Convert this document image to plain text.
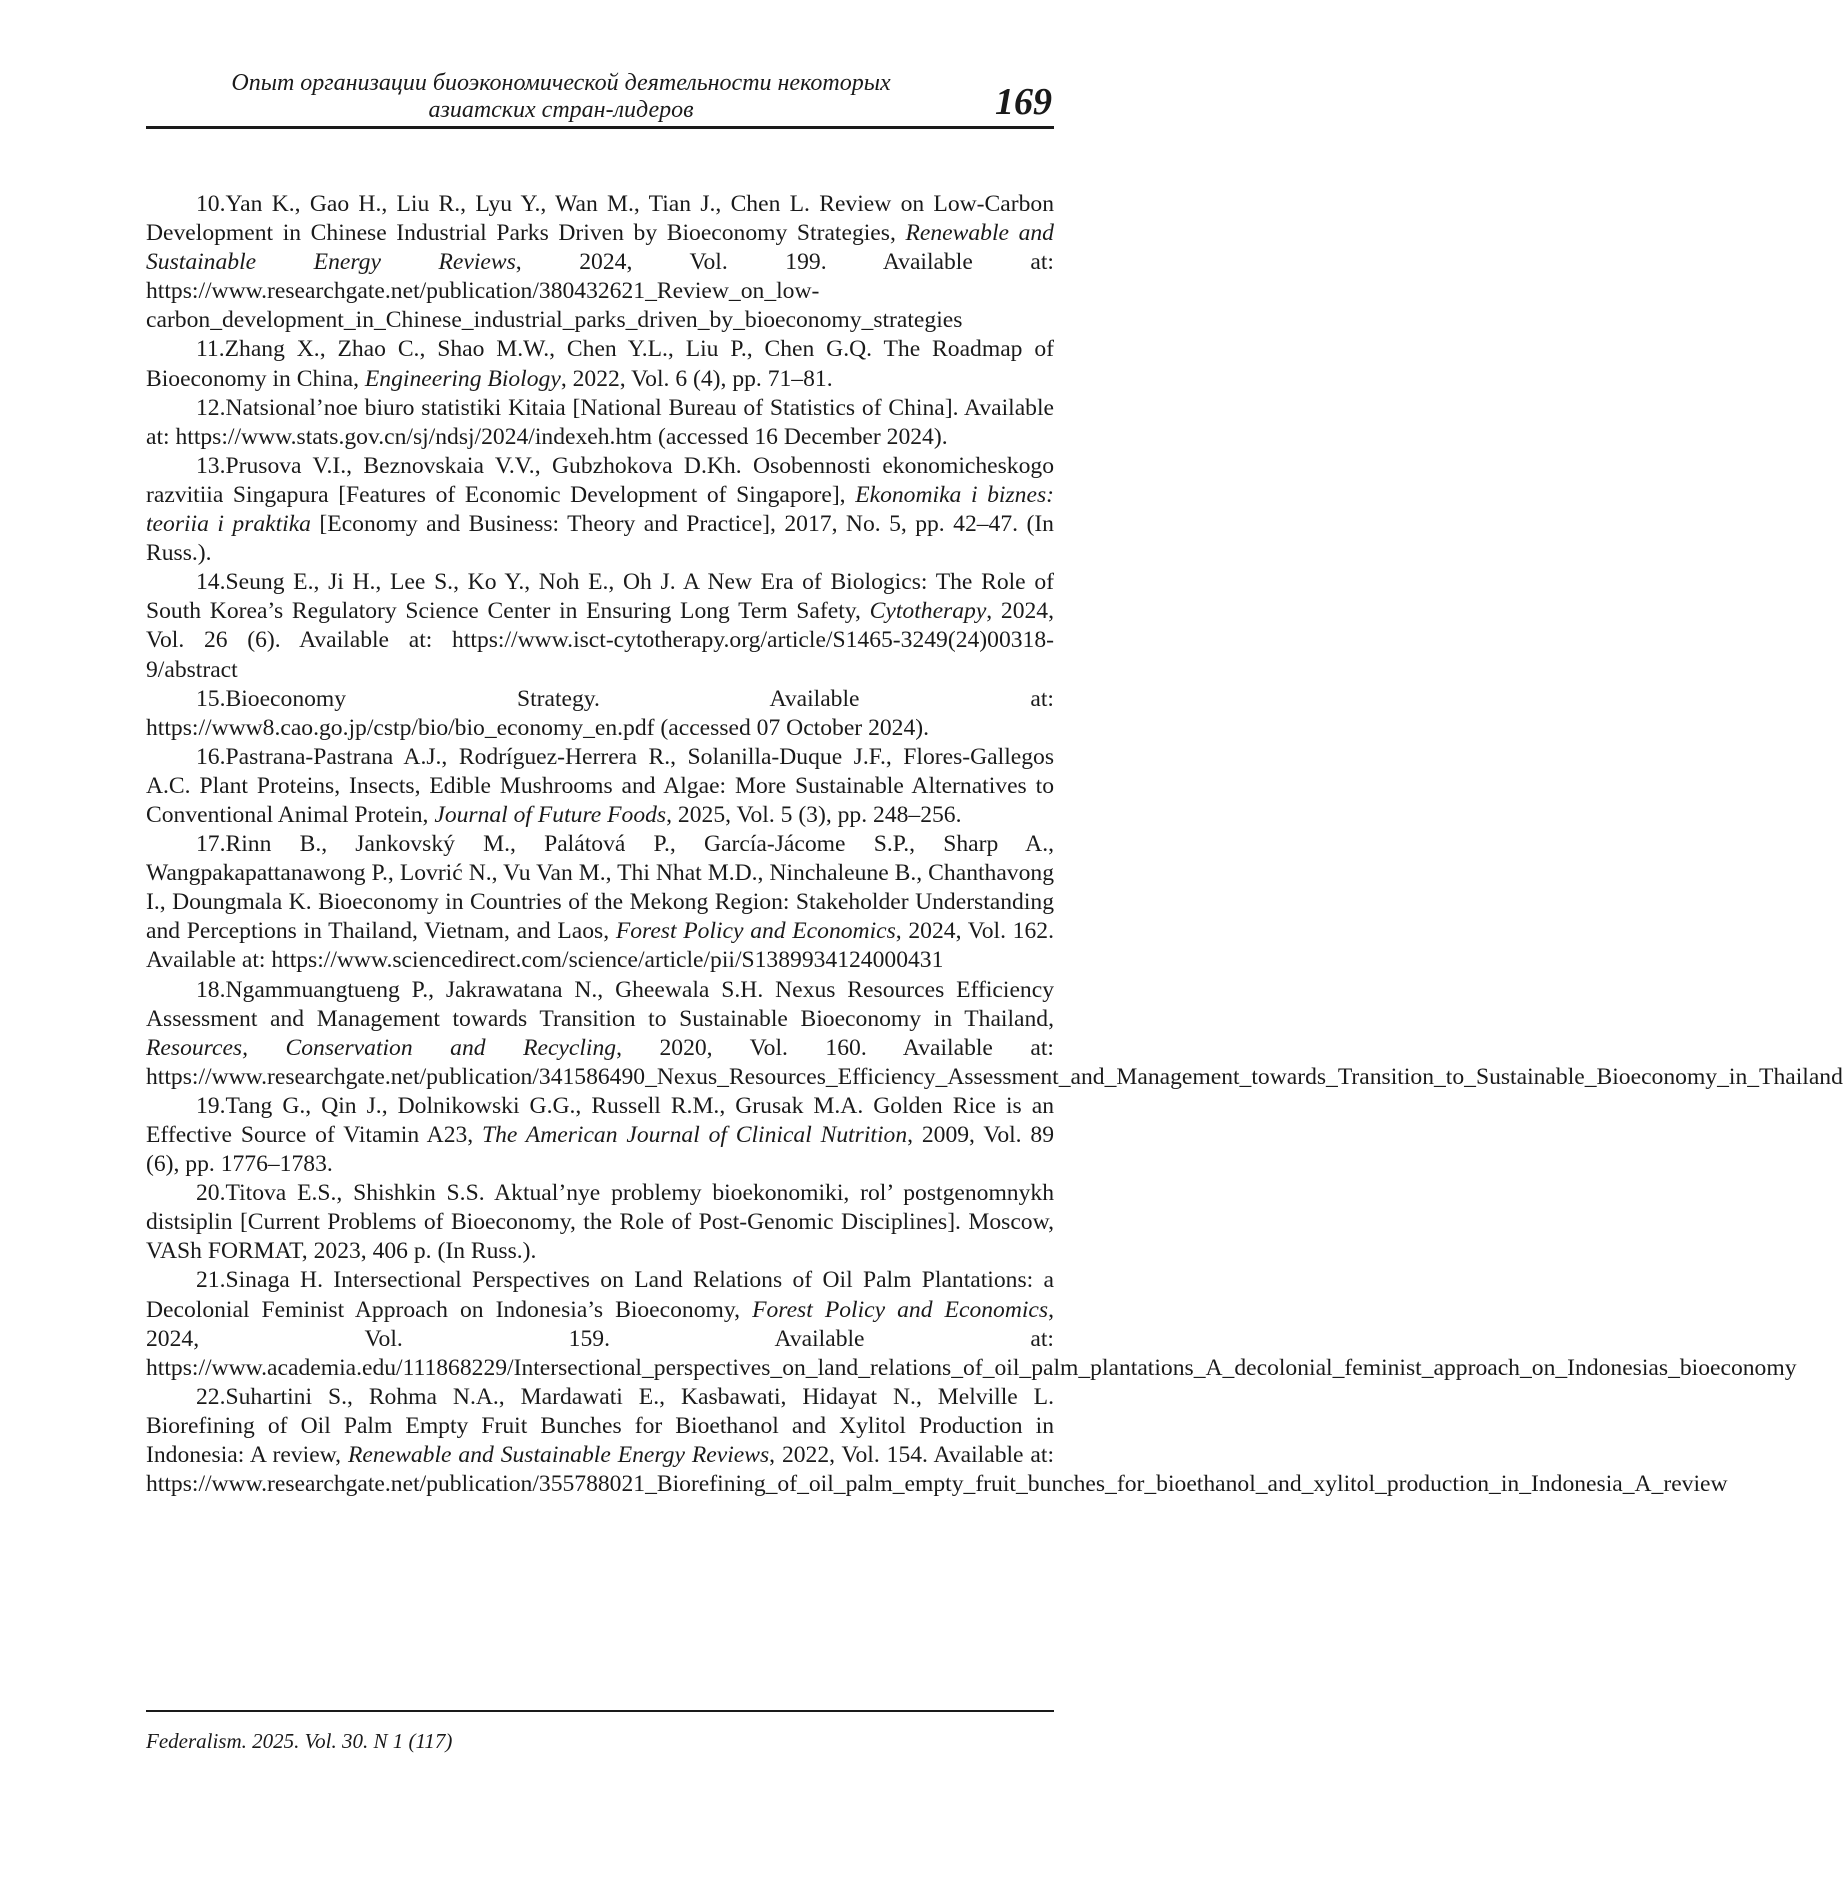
Опыт организации биоэкономической деятельности некоторых
азиатских стран-лидеров	169

10.Yan K., Gao H., Liu R., Lyu Y., Wan M., Tian J., Chen L. Review on Low-Carbon Development in Chinese Industrial Parks Driven by Bioeconomy Strategies, Renewable and Sustainable Energy Reviews, 2024, Vol. 199. Available at: https://www.researchgate.net/publication/380432621_Review_on_low-carbon_development_in_Chinese_industrial_parks_driven_by_bioeconomy_strategies

11.Zhang X., Zhao C., Shao M.W., Chen Y.L., Liu P., Chen G.Q. The Roadmap of Bioeconomy in China, Engineering Biology, 2022, Vol. 6 (4), pp. 71–81.

12.Natsional’noe biuro statistiki Kitaia [National Bureau of Statistics of China]. Available at: https://www.stats.gov.cn/sj/ndsj/2024/indexeh.htm (accessed 16 December 2024).

13.Prusova V.I., Beznovskaia V.V., Gubzhokova D.Kh. Osobennosti ekonomicheskogo razvitiia Singapura [Features of Economic Development of Singapore], Ekonomika i biznes: teoriia i praktika [Economy and Business: Theory and Practice], 2017, No. 5, pp. 42–47. (In Russ.).

14.Seung E., Ji H., Lee S., Ko Y., Noh E., Oh J. A New Era of Biologics: The Role of South Korea’s Regulatory Science Center in Ensuring Long Term Safety, Cytotherapy, 2024, Vol. 26 (6). Available at: https://www.isct-cytotherapy.org/article/S1465-3249(24)00318-9/abstract

15.Bioeconomy Strategy. Available at: https://www8.cao.go.jp/cstp/bio/bio_economy_en.pdf (accessed 07 October 2024).

16.Pastrana-Pastrana A.J., Rodríguez-Herrera R., Solanilla-Duque J.F., Flores-Gallegos A.C. Plant Proteins, Insects, Edible Mushrooms and Algae: More Sustainable Alternatives to Conventional Animal Protein, Journal of Future Foods, 2025, Vol. 5 (3), pp. 248–256.

17.Rinn B., Jankovský M., Palátová P., García-Jácome S.P., Sharp A., Wangpakapattanawong P., Lovrić N., Vu Van M., Thi Nhat M.D., Ninchaleune B., Chanthavong I., Doungmala K. Bioeconomy in Countries of the Mekong Region: Stakeholder Understanding and Perceptions in Thailand, Vietnam, and Laos, Forest Policy and Economics, 2024, Vol. 162. Available at: https://www.sciencedirect.com/science/article/pii/S1389934124000431

18.Ngammuangtueng P., Jakrawatana N., Gheewala S.H. Nexus Resources Efficiency Assessment and Management towards Transition to Sustainable Bioeconomy in Thailand, Resources, Conservation and Recycling, 2020, Vol. 160. Available at: https://www.researchgate.net/publication/341586490_Nexus_Resources_Efficiency_Assessment_and_Management_towards_Transition_to_Sustainable_Bioeconomy_in_Thailand

19.Tang G., Qin J., Dolnikowski G.G., Russell R.M., Grusak M.A. Golden Rice is an Effective Source of Vitamin A23, The American Journal of Clinical Nutrition, 2009, Vol. 89 (6), pp. 1776–1783.

20.Titova E.S., Shishkin S.S. Aktual’nye problemy bioekonomiki, rol’ postgenomnykh distsiplin [Current Problems of Bioeconomy, the Role of Post-Genomic Disciplines]. Moscow, VASh FORMAT, 2023, 406 p. (In Russ.).

21.Sinaga H. Intersectional Perspectives on Land Relations of Oil Palm Plantations: a Decolonial Feminist Approach on Indonesia’s Bioeconomy, Forest Policy and Economics, 2024, Vol. 159. Available at: https://www.academia.edu/111868229/Intersectional_perspectives_on_land_relations_of_oil_palm_plantations_A_decolonial_feminist_approach_on_Indonesias_bioeconomy

22.Suhartini S., Rohma N.A., Mardawati E., Kasbawati, Hidayat N., Melville L. Biorefining of Oil Palm Empty Fruit Bunches for Bioethanol and Xylitol Production in Indonesia: A review, Renewable and Sustainable Energy Reviews, 2022, Vol. 154. Available at: https://www.researchgate.net/publication/355788021_Biorefining_of_oil_palm_empty_fruit_bunches_for_bioethanol_and_xylitol_production_in_Indonesia_A_review

Federalism. 2025. Vol. 30. N 1 (117)
